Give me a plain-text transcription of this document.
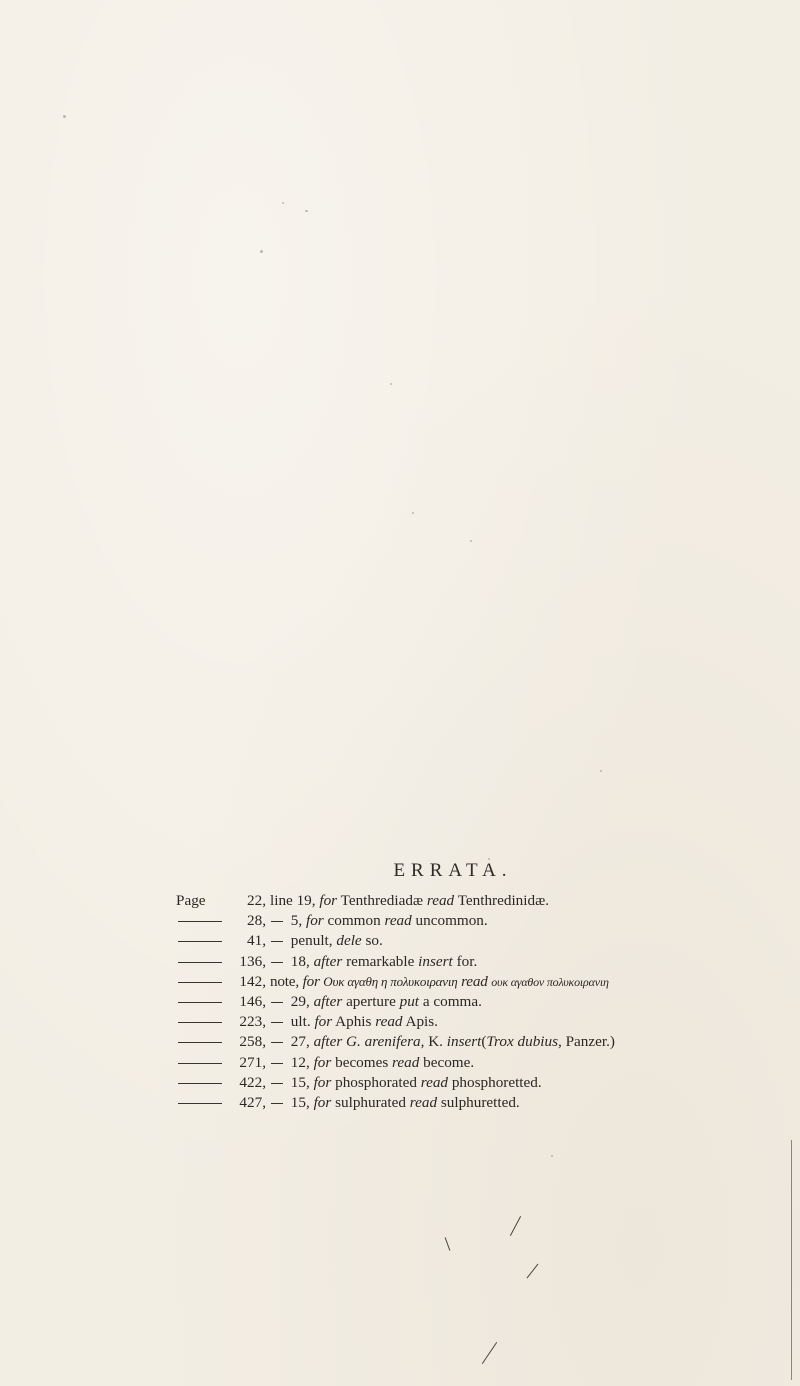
ERRATA.
Page	22, line 19, for Tenthrediadæ read Tenthredinidæ.
28,	5, for common read uncommon.
41,	penult, dele so.
136,	18, after remarkable insert for.
142, note, for Ουκ αγαθη η πολυκοιρανιη read ουκ αγαθον πολυκοιρανιη
146,	29, after aperture put a comma.
223,	ult. for Aphis read Apis.
258,	27, after G. arenifera, K. insert(Trox dubius, Panzer.)
271,	12, for becomes read become.
422,	15, for phosphorated read phosphoretted.
427,	15, for sulphurated read sulphuretted.
